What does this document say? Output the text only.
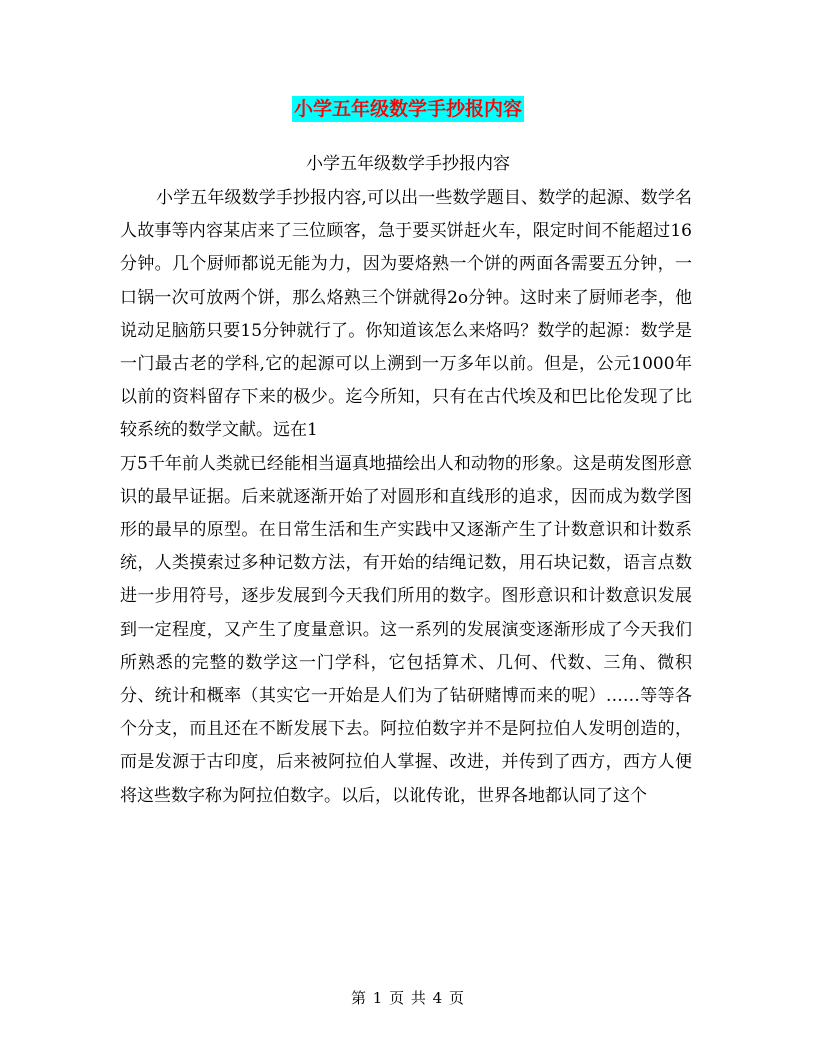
小学五年级数学手抄报内容
小学五年级数学手抄报内容

小学五年级数学手抄报内容,可以出一些数学题目、数学的起源、数学名人故事等内容某店来了三位顾客，急于要买饼赶火车，限定时间不能超过16分钟。几个厨师都说无能为力，因为要烙熟一个饼的两面各需要五分钟，一口锅一次可放两个饼，那么烙熟三个饼就得2o分钟。这时来了厨师老李，他说动足脑筋只要15分钟就行了。你知道该怎么来烙吗？数学的起源：数学是一门最古老的学科,它的起源可以上溯到一万多年以前。但是，公元1000年以前的资料留存下来的极少。迄今所知，只有在古代埃及和巴比伦发现了比较系统的数学文献。远在1

万5千年前人类就已经能相当逼真地描绘出人和动物的形象。这是萌发图形意识的最早证据。后来就逐渐开始了对圆形和直线形的追求，因而成为数学图形的最早的原型。在日常生活和生产实践中又逐渐产生了计数意识和计数系统，人类摸索过多种记数方法，有开始的结绳记数，用石块记数，语言点数进一步用符号，逐步发展到今天我们所用的数字。图形意识和计数意识发展到一定程度，又产生了度量意识。这一系列的发展演变逐渐形成了今天我们所熟悉的完整的数学这一门学科，它包括算术、几何、代数、三角、微积分、统计和概率（其实它一开始是人们为了钻研赌博而来的呢）……等等各个分支，而且还在不断发展下去。阿拉伯数字并不是阿拉伯人发明创造的，而是发源于古印度，后来被阿拉伯人掌握、改进，并传到了西方，西方人便将这些数字称为阿拉伯数字。以后，以讹传讹，世界各地都认同了这个

第 1 页 共 4 页
